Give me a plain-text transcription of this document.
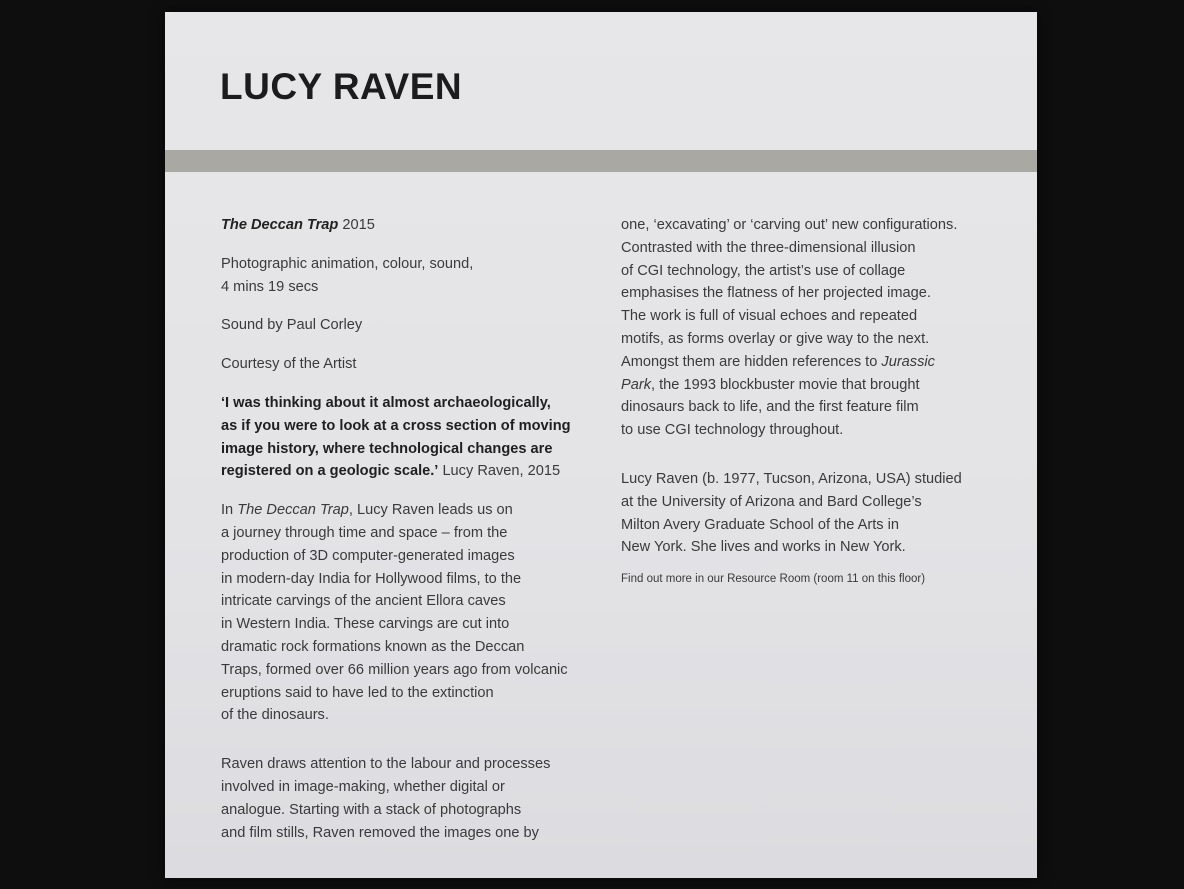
LUCY RAVEN

The Deccan Trap 2015

Photographic animation, colour, sound,
4 mins 19 secs

Sound by Paul Corley

Courtesy of the Artist

‘I was thinking about it almost archaeologically,
as if you were to look at a cross section of moving
image history, where technological changes are
registered on a geologic scale.’ Lucy Raven, 2015

In The Deccan Trap, Lucy Raven leads us on
a journey through time and space – from the
production of 3D computer-generated images
in modern-day India for Hollywood films, to the
intricate carvings of the ancient Ellora caves
in Western India. These carvings are cut into
dramatic rock formations known as the Deccan
Traps, formed over 66 million years ago from volcanic
eruptions said to have led to the extinction
of the dinosaurs.

Raven draws attention to the labour and processes
involved in image-making, whether digital or
analogue. Starting with a stack of photographs
and film stills, Raven removed the images one by

one, ‘excavating’ or ‘carving out’ new configurations.
Contrasted with the three-dimensional illusion
of CGI technology, the artist’s use of collage
emphasises the flatness of her projected image.
The work is full of visual echoes and repeated
motifs, as forms overlay or give way to the next.
Amongst them are hidden references to Jurassic
Park, the 1993 blockbuster movie that brought
dinosaurs back to life, and the first feature film
to use CGI technology throughout.

Lucy Raven (b. 1977, Tucson, Arizona, USA) studied
at the University of Arizona and Bard College’s
Milton Avery Graduate School of the Arts in
New York. She lives and works in New York.

Find out more in our Resource Room (room 11 on this floor)
